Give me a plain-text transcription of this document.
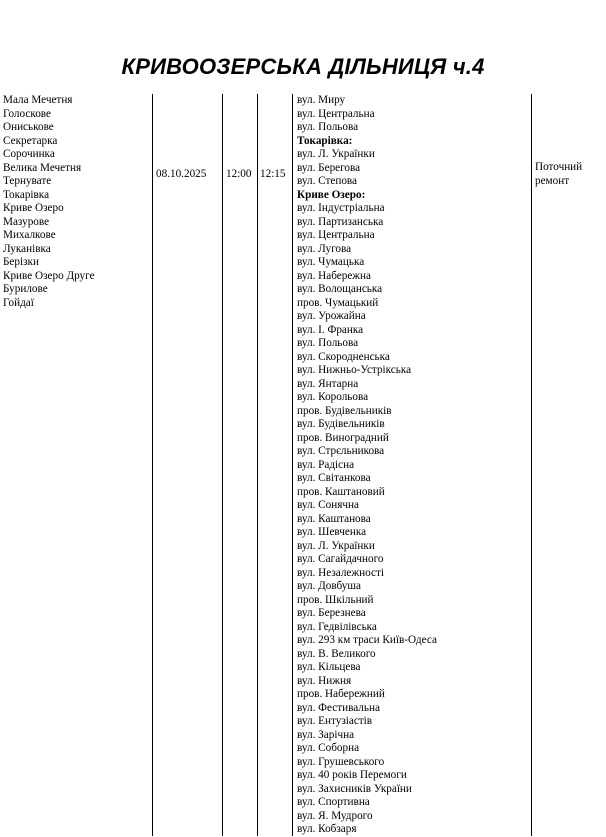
КРИВООЗЕРСЬКА ДІЛЬНИЦЯ ч.4
Мала Мечетня
Голоскове
Ониськове
Секретарка
Сорочинка
Велика Мечетня
Тернувате
Токарівка
Криве Озеро
Мазурове
Михалкове
Луканівка
Берізки
Криве Озеро Друге
Бурилове
Гойдаї
08.10.2025 12:00 12:15
вул. Миру
вул. Центральна
вул. Польова
Токарівка:
вул. Л. Українки
вул. Берегова
вул. Степова
Криве Озеро:
вул. Індустріальна
вул. Партизанська
вул. Центральна
вул. Лугова
вул. Чумацька
вул. Набережна
вул. Волощанська
пров. Чумацький
вул. Урожайна
вул. І. Франка
вул. Польова
вул. Скородненська
вул. Нижньо-Устрікська
вул. Янтарна
вул. Корольова
пров. Будівельників
вул. Будівельників
пров. Виноградний
вул. Стрєльникова
вул. Радісна
вул. Світанкова
пров. Каштановий
вул. Сонячна
вул. Каштанова
вул. Шевченка
вул. Л. Українки
вул. Сагайдачного
вул. Незалежності
вул. Довбуша
пров. Шкільний
вул. Березнева
вул. Гедвілівська
вул. 293 км траси Київ-Одеса
вул. В. Великого
вул. Кільцева
вул. Нижня
пров. Набережний
вул. Фестивальна
вул. Ентузіастів
вул. Зарічна
вул. Соборна
вул. Грушевського
вул. 40 років Перемоги
вул. Захисників України
вул. Спортивна
вул. Я. Мудрого
вул. Кобзаря
Поточний ремонт
